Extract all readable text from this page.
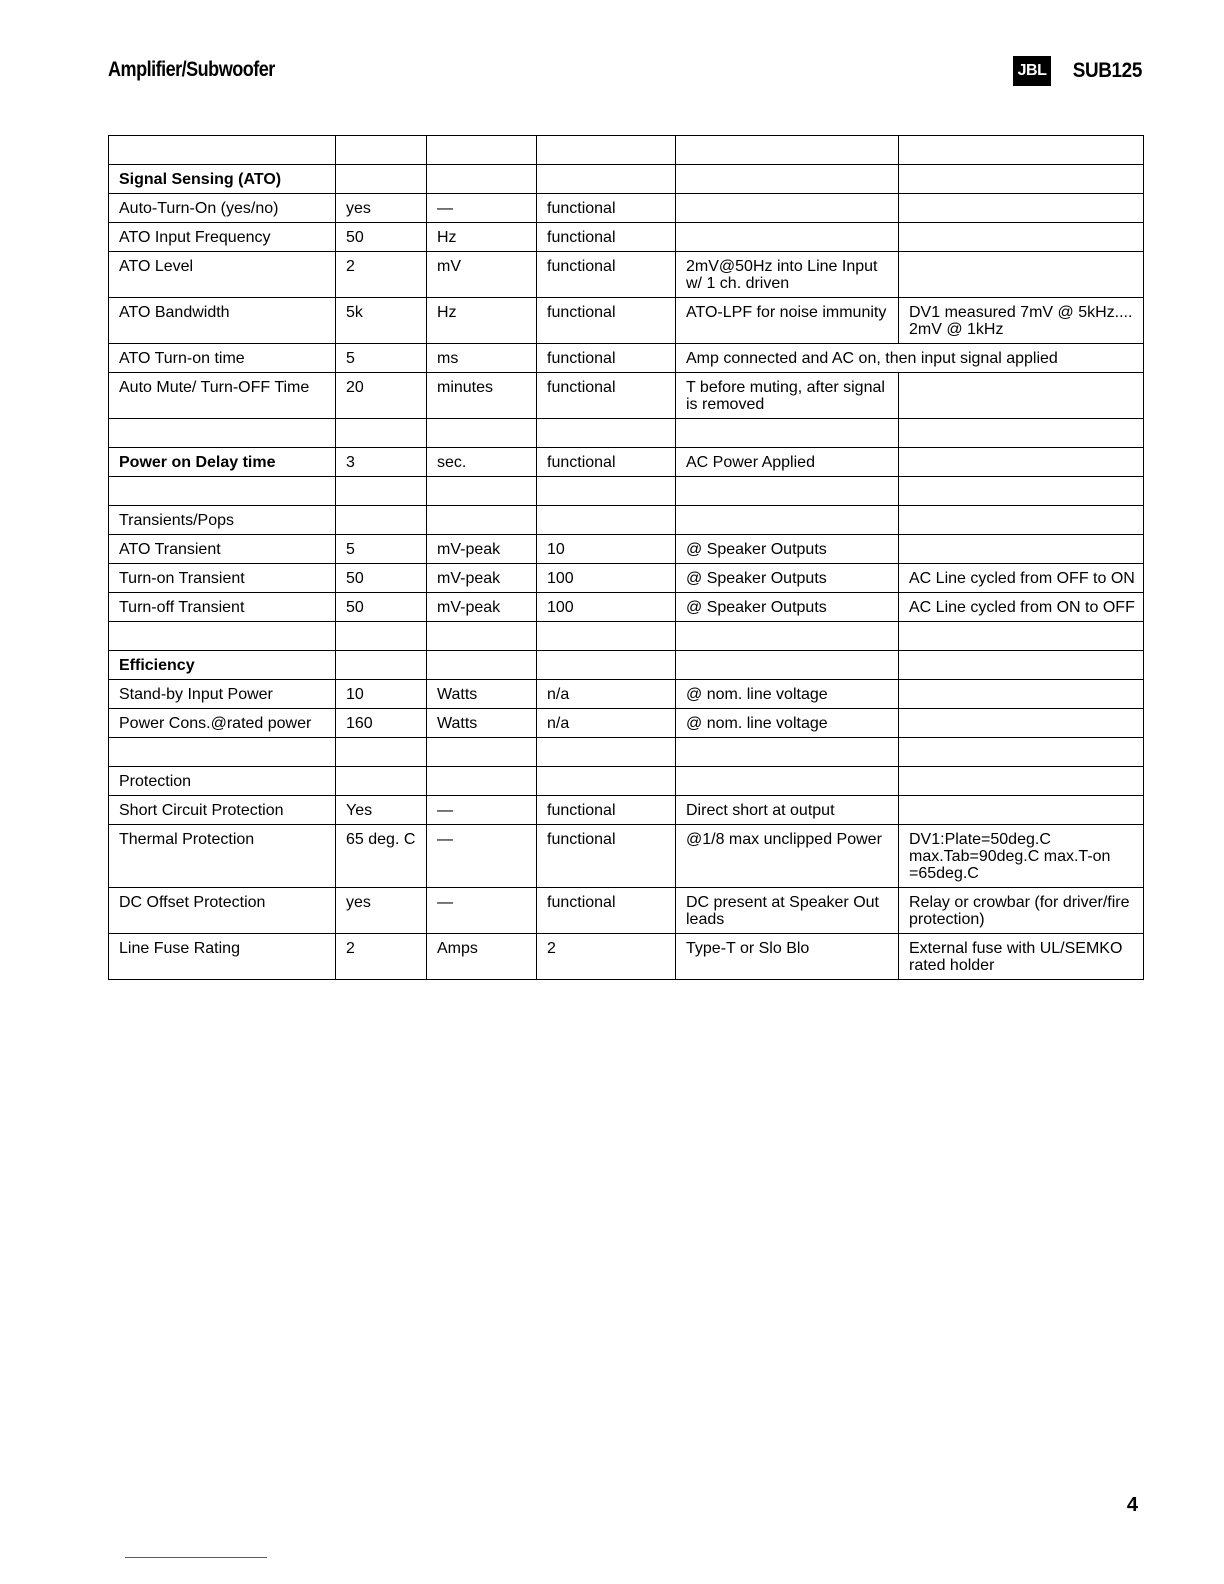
Amplifier/Subwoofer	JBL SUB125

Signal Sensing (ATO)					
Auto-Turn-On (yes/no)	yes	—	functional		
ATO Input Frequency	50	Hz	functional		
ATO Level	2	mV	functional	2mV@50Hz into Line Input w/ 1 ch. driven	
ATO Bandwidth	5k	Hz	functional	ATO-LPF for noise immunity	DV1 measured 7mV @ 5kHz.... 2mV @ 1kHz
ATO Turn-on time	5	ms	functional	Amp connected and AC on, then input signal applied	
Auto Mute/ Turn-OFF Time	20	minutes	functional	T before muting, after signal is removed	

Power on Delay time	3	sec.	functional	AC Power Applied	

Transients/Pops					
ATO Transient	5	mV-peak	10	@ Speaker Outputs	
Turn-on Transient	50	mV-peak	100	@ Speaker Outputs	AC Line cycled from OFF to ON
Turn-off Transient	50	mV-peak	100	@ Speaker Outputs	AC Line cycled from ON to OFF

Efficiency					
Stand-by Input Power	10	Watts	n/a	@ nom. line voltage	
Power Cons.@rated power	160	Watts	n/a	@ nom. line voltage	

Protection					
Short Circuit Protection	Yes	—	functional	Direct short at output	
Thermal Protection	65 deg. C	—	functional	@1/8 max unclipped Power	DV1:Plate=50deg.C max.Tab=90deg.C max.T-on =65deg.C
DC Offset Protection	yes	—	functional	DC present at Speaker Out leads	Relay or crowbar (for driver/fire protection)
Line Fuse Rating	2	Amps	2	Type-T or Slo Blo	External fuse with UL/SEMKO rated holder
4
